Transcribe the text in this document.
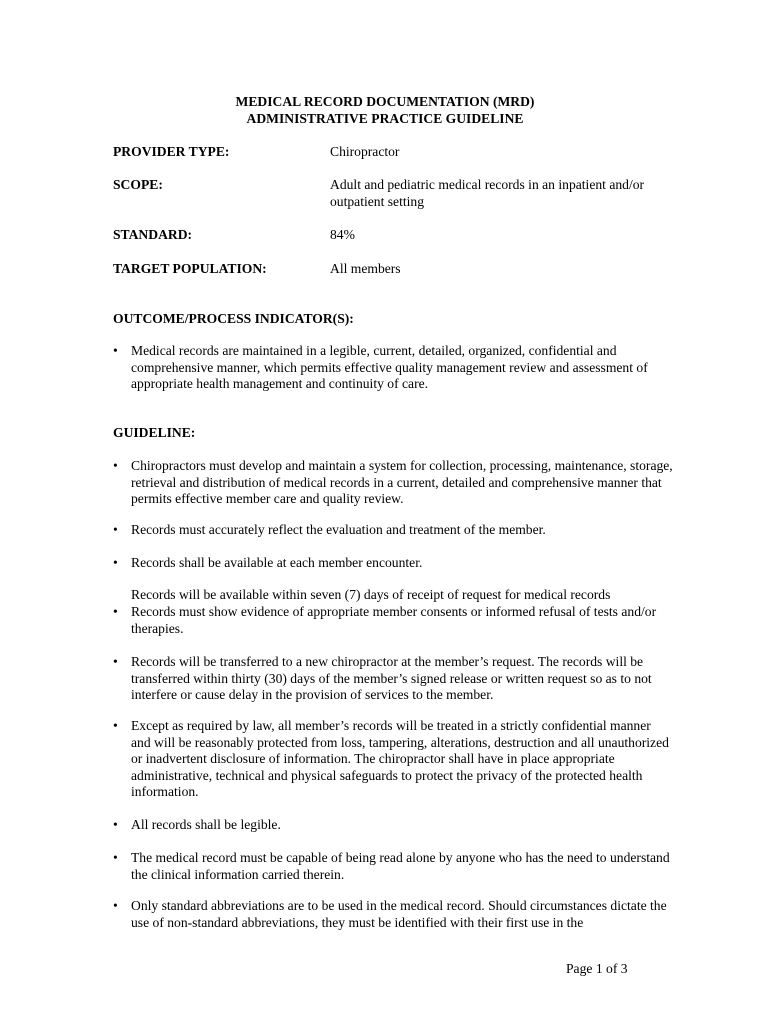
MEDICAL RECORD DOCUMENTATION (MRD)
ADMINISTRATIVE PRACTICE GUIDELINE
PROVIDER TYPE:	Chiropractor
SCOPE:	Adult and pediatric medical records in an inpatient and/or outpatient setting
STANDARD:	84%
TARGET POPULATION:	All members
OUTCOME/PROCESS INDICATOR(S):
• Medical records are maintained in a legible, current, detailed, organized, confidential and comprehensive manner, which permits effective quality management review and assessment of appropriate health management and continuity of care.
GUIDELINE:
• Chiropractors must develop and maintain a system for collection, processing, maintenance, storage, retrieval and distribution of medical records in a current, detailed and comprehensive manner that permits effective member care and quality review.
• Records must accurately reflect the evaluation and treatment of the member.
• Records shall be available at each member encounter.
Records will be available within seven (7) days of receipt of request for medical records
• Records must show evidence of appropriate member consents or informed refusal of tests and/or therapies.
• Records will be transferred to a new chiropractor at the member’s request. The records will be transferred within thirty (30) days of the member’s signed release or written request so as to not interfere or cause delay in the provision of services to the member.
• Except as required by law, all member’s records will be treated in a strictly confidential manner and will be reasonably protected from loss, tampering, alterations, destruction and all unauthorized or inadvertent disclosure of information. The chiropractor shall have in place appropriate administrative, technical and physical safeguards to protect the privacy of the protected health information.
• All records shall be legible.
• The medical record must be capable of being read alone by anyone who has the need to understand the clinical information carried therein.
• Only standard abbreviations are to be used in the medical record. Should circumstances dictate the use of non-standard abbreviations, they must be identified with their first use in the
Page 1 of 3
